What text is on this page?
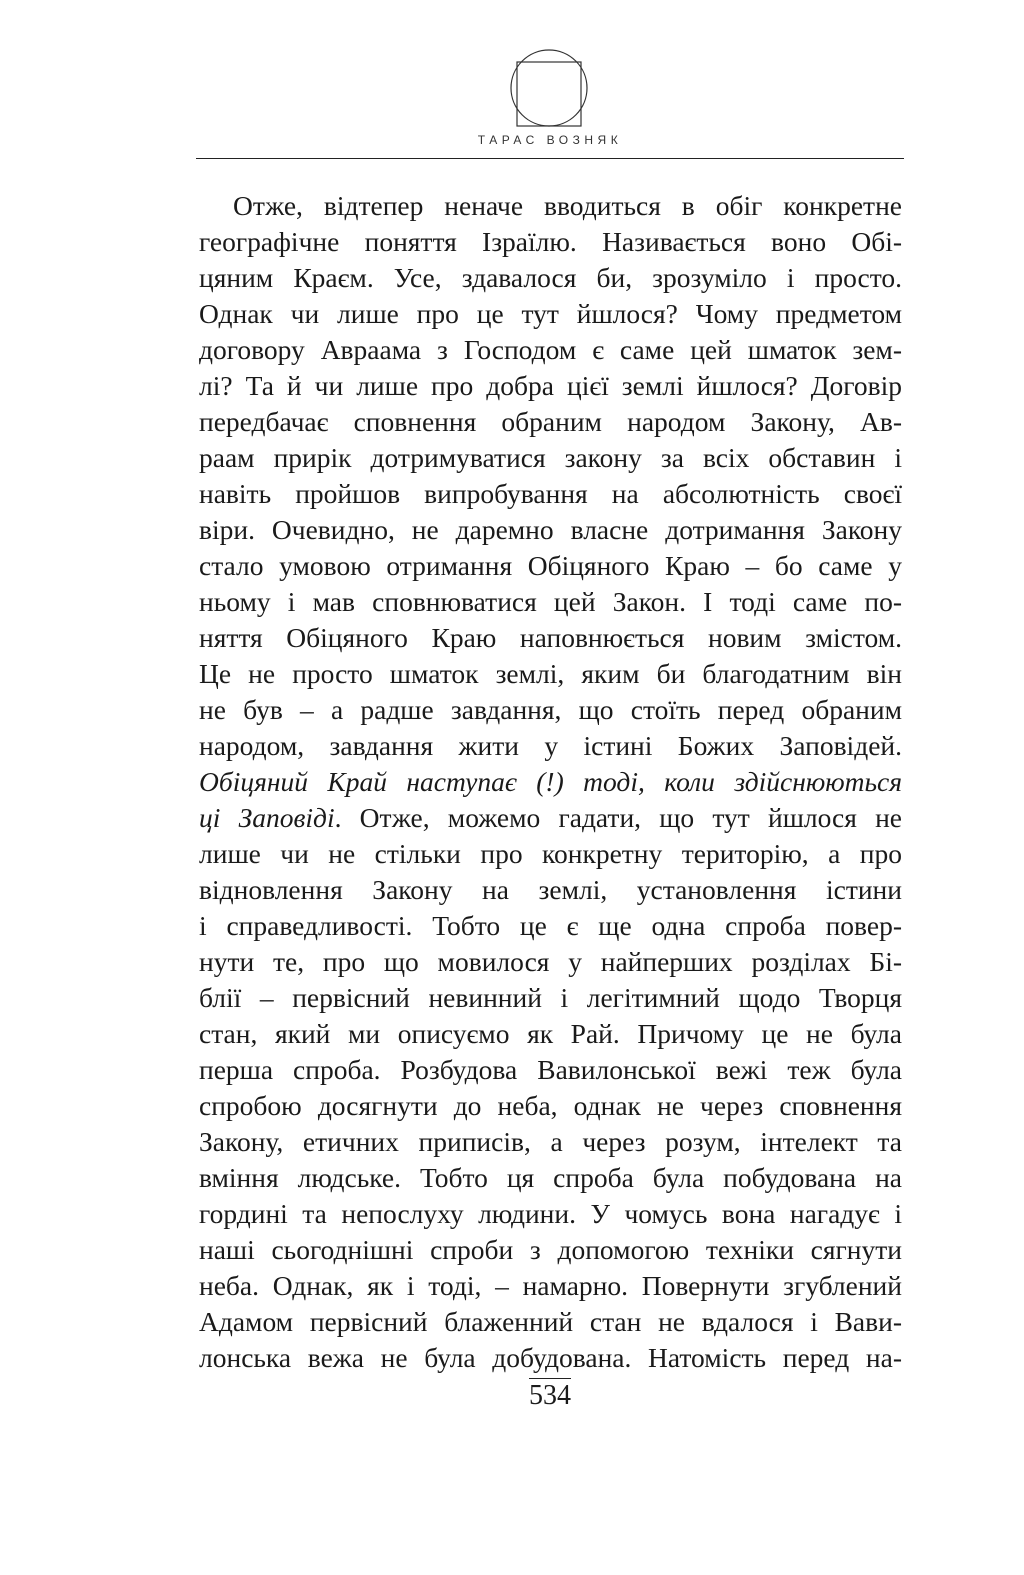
ТАРАС ВОЗНЯК
Отже, відтепер неначе вводиться в обіг конкретне
географічне поняття Ізраїлю. Називається воно Обі-
цяним Краєм. Усе, здавалося би, зрозуміло і просто.
Однак чи лише про це тут йшлося? Чому предметом
договору Авраама з Господом є саме цей шматок зем-
лі? Та й чи лише про добра цієї землі йшлося? Договір
передбачає сповнення обраним народом Закону, Ав-
раам прирік дотримуватися закону за всіх обставин і
навіть пройшов випробування на абсолютність своєї
віри. Очевидно, не даремно власне дотримання Закону
стало умовою отримання Обіцяного Краю – бо саме у
ньому і мав сповнюватися цей Закон. І тоді саме по-
няття Обіцяного Краю наповнюється новим змістом.
Це не просто шматок землі, яким би благодатним він
не був – а радше завдання, що стоїть перед обраним
народом, завдання жити у істині Божих Заповідей.
Обіцяний Край наступає (!) тоді, коли здійснюються
ці Заповіді. Отже, можемо гадати, що тут йшлося не
лише чи не стільки про конкретну територію, а про
відновлення Закону на землі, установлення істини
і справедливості. Тобто це є ще одна спроба повер-
нути те, про що мовилося у найперших розділах Бі-
блії – первісний невинний і легітимний щодо Творця
стан, який ми описуємо як Рай. Причому це не була
перша спроба. Розбудова Вавилонської вежі теж була
спробою досягнути до неба, однак не через сповнення
Закону, етичних приписів, а через розум, інтелект та
вміння людське. Тобто ця спроба була побудована на
гордині та непослуху людини. У чомусь вона нагадує і
наші сьогоднішні спроби з допомогою техніки сягнути
неба. Однак, як і тоді, – намарно. Повернути згублений
Адамом первісний блаженний стан не вдалося і Вави-
лонська вежа не була добудована. Натомість перед на-
534
